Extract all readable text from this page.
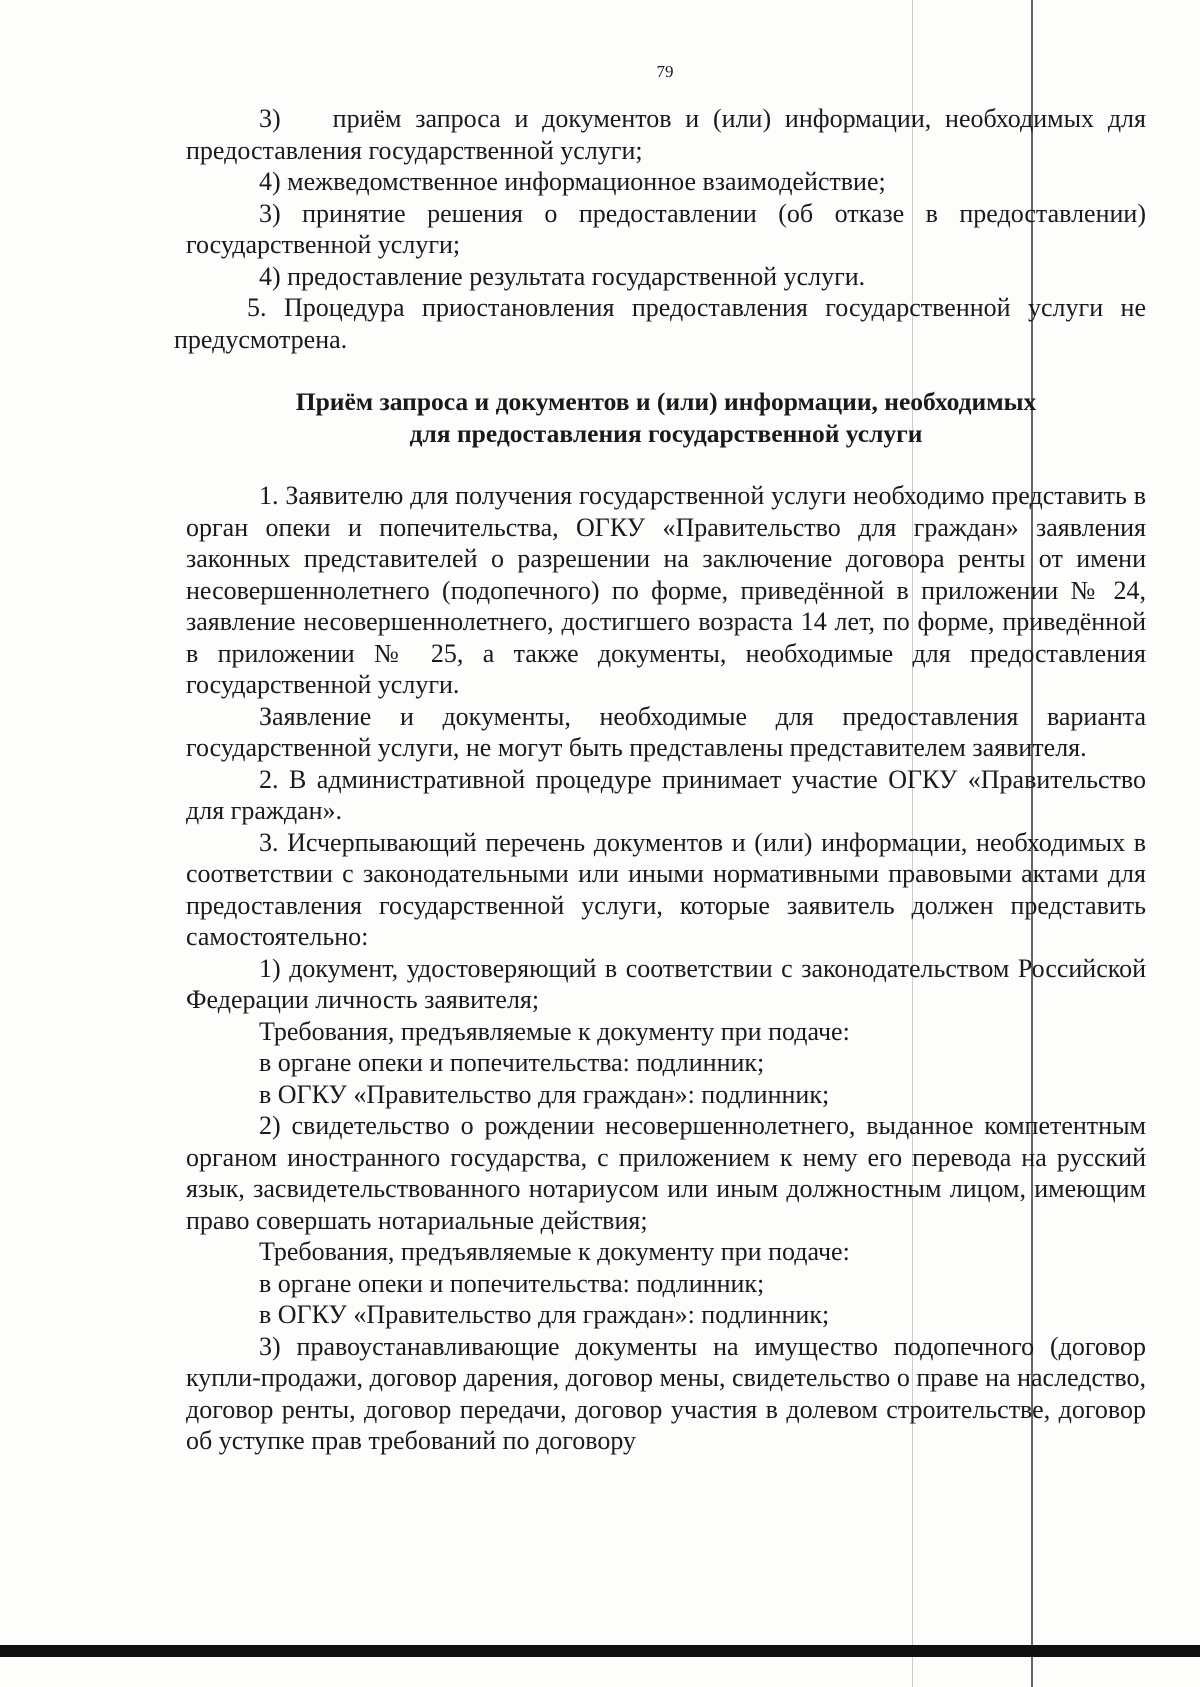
79

3)  приём запроса и документов и (или) информации, необходимых для предоставления государственной услуги;

4) межведомственное информационное взаимодействие;

3) принятие решения о предоставлении (об отказе в предоставлении) государственной услуги;

4) предоставление результата государственной услуги.

5. Процедура приостановления предоставления государственной услуги не предусмотрена.

Приём запроса и документов и (или) информации, необходимых
для предоставления государственной услуги

1. Заявителю для получения государственной услуги необходимо представить в орган опеки и попечительства, ОГКУ «Правительство для граждан» заявления законных представителей о разрешении на заключение договора ренты от имени несовершеннолетнего (подопечного) по форме, приведённой в приложении № 24, заявление несовершеннолетнего, достигшего возраста 14 лет, по форме, приведённой в приложении № 25, а также документы, необходимые для предоставления государственной услуги.

Заявление и документы, необходимые для предоставления варианта государственной услуги, не могут быть представлены представителем заявителя.

2. В административной процедуре принимает участие ОГКУ «Правительство для граждан».

3. Исчерпывающий перечень документов и (или) информации, необходимых в соответствии с законодательными или иными нормативными правовыми актами для предоставления государственной услуги, которые заявитель должен представить самостоятельно:

1) документ, удостоверяющий в соответствии с законодательством Российской Федерации личность заявителя;

Требования, предъявляемые к документу при подаче:

в органе опеки и попечительства: подлинник;

в ОГКУ «Правительство для граждан»: подлинник;

2) свидетельство о рождении несовершеннолетнего, выданное компетентным органом иностранного государства, с приложением к нему его перевода на русский язык, засвидетельствованного нотариусом или иным должностным лицом, имеющим право совершать нотариальные действия;

Требования, предъявляемые к документу при подаче:

в органе опеки и попечительства: подлинник;

в ОГКУ «Правительство для граждан»: подлинник;

3) правоустанавливающие документы на имущество подопечного (договор купли-продажи, договор дарения, договор мены, свидетельство о праве на наследство, договор ренты, договор передачи, договор участия в долевом строительстве, договор об уступке прав требований по договору
